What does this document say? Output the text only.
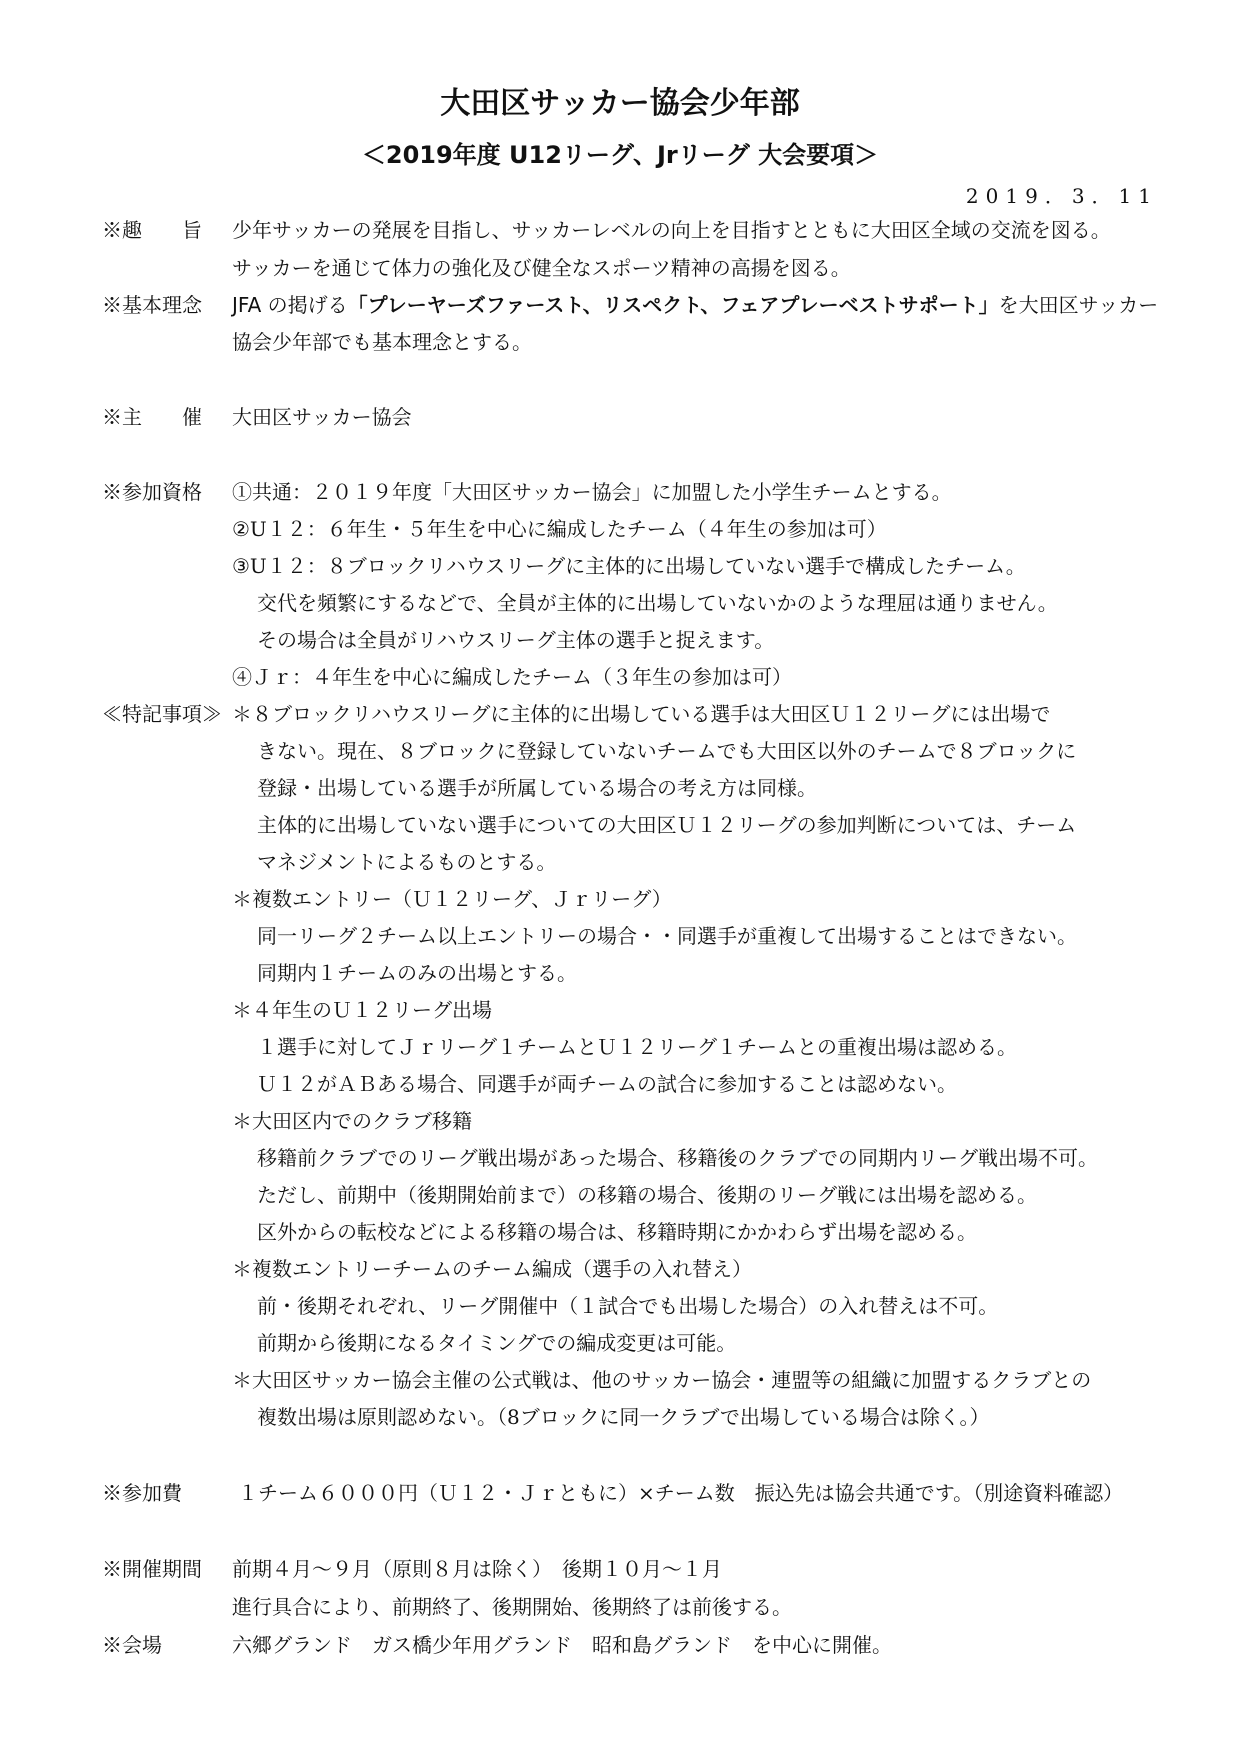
大田区サッカー協会少年部
＜2019年度 U12リーグ、Jrリーグ 大会要項＞
2019．3．11
※趣　　旨 少年サッカーの発展を目指し、サッカーレベルの向上を目指すとともに大田区全域の交流を図る。
サッカーを通じて体力の強化及び健全なスポーツ精神の高揚を図る。
※基本理念 JFA の掲げる「プレーヤーズファースト、リスペクト、フェアプレーベストサポート」を大田区サッカー
協会少年部でも基本理念とする。
※主　　催 大田区サッカー協会
※参加資格 ①共通：２０１９年度「大田区サッカー協会」に加盟した小学生チームとする。
②U１２：６年生・５年生を中心に編成したチーム（４年生の参加は可）
③U１２：８ブロックリハウスリーグに主体的に出場していない選手で構成したチーム。
交代を頻繁にするなどで、全員が主体的に出場していないかのような理屈は通りません。
その場合は全員がリハウスリーグ主体の選手と捉えます。
④Ｊｒ：４年生を中心に編成したチーム（３年生の参加は可）
≪特記事項≫ ＊８ブロックリハウスリーグに主体的に出場している選手は大田区Ｕ１２リーグには出場で
きない。現在、８ブロックに登録していないチームでも大田区以外のチームで８ブロックに
登録・出場している選手が所属している場合の考え方は同様。
主体的に出場していない選手についての大田区Ｕ１２リーグの参加判断については、チーム
マネジメントによるものとする。
＊複数エントリー（Ｕ１２リーグ、Ｊｒリーグ）
同一リーグ２チーム以上エントリーの場合・・同選手が重複して出場することはできない。
同期内１チームのみの出場とする。
＊４年生のＵ１２リーグ出場
１選手に対してＪｒリーグ１チームとＵ１２リーグ１チームとの重複出場は認める。
Ｕ１２がＡＢある場合、同選手が両チームの試合に参加することは認めない。
＊大田区内でのクラブ移籍
移籍前クラブでのリーグ戦出場があった場合、移籍後のクラブでの同期内リーグ戦出場不可。
ただし、前期中（後期開始前まで）の移籍の場合、後期のリーグ戦には出場を認める。
区外からの転校などによる移籍の場合は、移籍時期にかかわらず出場を認める。
＊複数エントリーチームのチーム編成（選手の入れ替え）
前・後期それぞれ、リーグ開催中（１試合でも出場した場合）の入れ替えは不可。
前期から後期になるタイミングでの編成変更は可能。
＊大田区サッカー協会主催の公式戦は、他のサッカー協会・連盟等の組織に加盟するクラブとの
複数出場は原則認めない。（8ブロックに同一クラブで出場している場合は除く。）
※参加費	１チーム６０００円（Ｕ１２・Ｊｒともに）×チーム数　振込先は協会共通です。（別途資料確認）
※開催期間 前期４月～９月（原則８月は除く）　後期１０月～１月
進行具合により、前期終了、後期開始、後期終了は前後する。
※会場	六郷グランド　ガス橋少年用グランド　昭和島グランド　を中心に開催。
